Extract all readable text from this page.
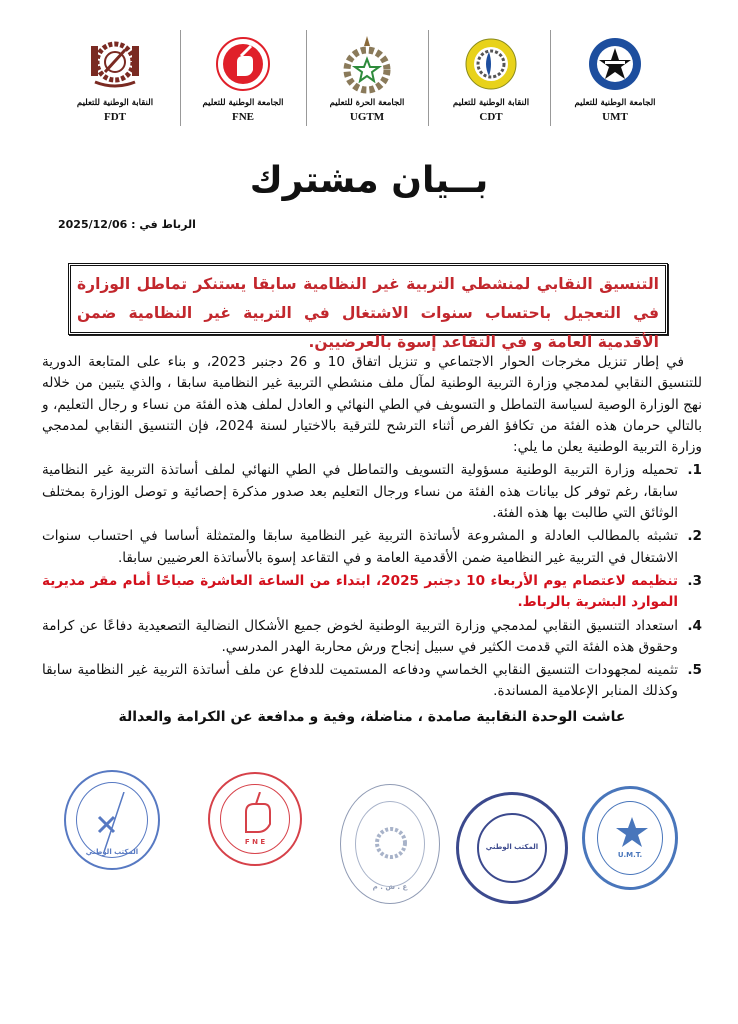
النقابة الوطنية للتعليم
FDT
الجامعة الوطنية للتعليم
FNE
الجامعة الحرة للتعليم
UGTM
النقابة الوطنية للتعليم
CDT
الجامعة الوطنية للتعليم
UMT
بــيان مشترك
الرباط في : 2025/12/06
التنسيق النقابي لمنشطي التربية غير النظامية سابقا يستنكر تماطل الوزارة في التعجيل باحتساب سنوات الاشتغال في التربية غير النظامية ضمن الأقدمية العامة و في التقاعد إسوة بالعرضيين.

في إطار تنزيل مخرجات الحوار الاجتماعي و تنزيل اتفاق 10 و 26 دجنبر 2023، و بناء على المتابعة الدورية للتنسيق النقابي لمدمجي وزارة التربية الوطنية لمآل ملف منشطي التربية غير النظامية سابقا ، والذي يتبين من خلاله نهج الوزارة الوصية لسياسة التماطل و التسويف في الطي النهائي و العادل لملف هذه الفئة من نساء و رجال التعليم، و بالتالي حرمان هذه الفئة من تكافؤ الفرص أثناء الترشح للترقية بالاختيار لسنة 2024، فإن التنسيق النقابي لمدمجي وزارة التربية الوطنية يعلن ما يلي:

1.
تحميله وزارة التربية الوطنية مسؤولية التسويف والتماطل في الطي النهائي لملف أساتذة التربية غير النظامية سابقا، رغم توفر كل بيانات هذه الفئة من نساء ورجال التعليم بعد صدور مذكرة إحصائية و توصل الوزارة بمختلف الوثائق التي طالبت بها هذه الفئة.
2.
تشبثه بالمطالب العادلة و المشروعة لأساتذة التربية غير النظامية سابقا والمتمثلة أساسا في احتساب سنوات الاشتغال في التربية غير النظامية ضمن الأقدمية العامة و في التقاعد إسوة بالأساتذة العرضيين سابقا.
3.
تنظيمه لاعتصام يوم الأربعاء 10 دجنبر 2025، ابتداء من الساعة العاشرة صباحًا أمام مقر مديرية الموارد البشرية بالرباط.
4.
استعداد التنسيق النقابي لمدمجي وزارة التربية الوطنية لخوض جميع الأشكال النضالية التصعيدية دفاعًا عن كرامة وحقوق هذه الفئة التي قدمت الكثير في سبيل إنجاح ورش محاربة الهدر المدرسي.
5.
تثمينه لمجهودات التنسيق النقابي الخماسي ودفاعه المستميت للدفاع عن ملف أساتذة التربية غير النظامية سابقا وكذلك المنابر الإعلامية المساندة.
عاشت الوحدة النقابية صامدة ، مناضلة، وفية و مدافعة عن الكرامة والعدالة
المكتب الوطني
F N E
ع . ش . م
المكتب الوطني
U.M.T.
